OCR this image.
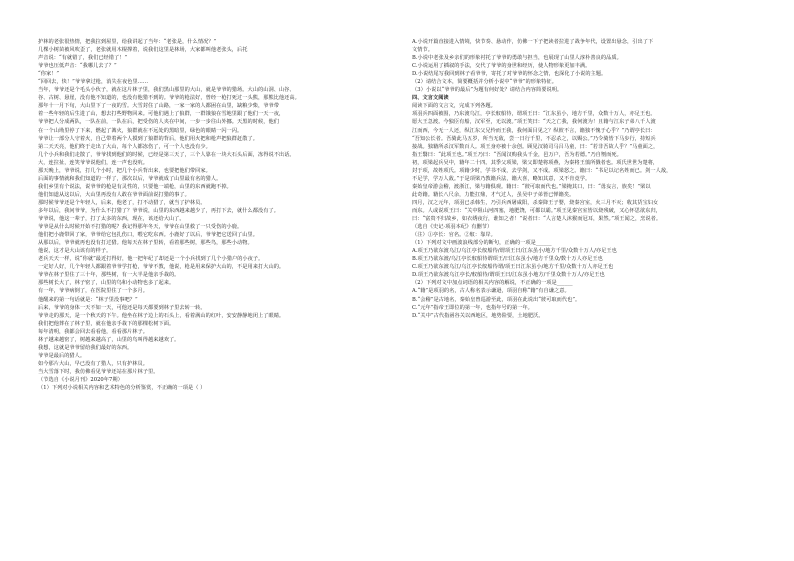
护林的老张很热情，把我拉到屋里，给我讲起了当年：“老张是，什么情况？”
几棵小树苗被风吹歪了，老张就用木棍撑着，说我们这里是林场，大家都叫他老张头，后托
声音说：“有就错了，我们已经错了！”
爷爷也压低声音：“我哪儿去了？”
“你家！”
“回回去，快！”爷爷拿过枪，消失在夜色里……
当年，爷爷还是个毛头小伙子，就在这片林子里，我们黑山那里的大山，就是爷爷的猎场。大山的山洞、山谷、
谷、古树、悬崖，没有他不知道的，也没有他猎不到的。爷爷的枪法好，曾经一枪打死过一头熊，那熊比他还高。
那年十一月下旬，大山里下了一夜的雪。大雪封住了山路，一家一家的人都困在山里，缺粮少柴，爷爷带
着一些年轻的后生进了山，想去打些野物回来。可他们遇上了狼群，一群饿狼在雪地里跟了他们一天一夜，
爷爷把人分成两队，一队在前，一队在后，把受伤的人夹在中间，一步一步往山外挪。天黑的时候，他们
在一个山坳里停了下来，燃起了篝火，狼群就在不远处的黑暗里，绿色的眼睛一闪一闪。
爷爷让一部分人守着火，自己带着两个人摸到了狼群的背后，他们用火把和枪声把狼群赶散了。
第二天天亮，他们终于走出了大山，每个人都冻伤了，可一个人也没有少。
几个小兵和我们走散了，爷爷找到他们的时候，已经是第三天了，三个人靠在一块大石头后面，冻得说不出话。
大，连拉扯，连笑爷爷说他们，连一声也没吭。
那天晚上，爷爷说，打几个小时，把几个小兵背出来，也要把他们带回家。
后面的事情就和我们知道的一样了，那次以后，爷爷就成了山里最有名的猎人。
我们乡里有个说法，说爷爷的枪是有灵性的，只要他一端枪，山里的东西就跑不掉。
他们知道从这以后，大山里再没有人敢在爷爷面前说打猎的事了。
那时候爷爷还是个年轻人，后来，他老了，打不动猎了，就当了护林员。
多年以后，我问爷爷，为什么不打猎了？爷爷说，山里的东西越来越少了，再打下去，就什么都没有了。
爷爷说，他这一辈子，打了太多的东西，现在，该还给大山了。
爷爷是从什么时候开始不打猎的呢？我记得那年冬天，爷爷在山里救了一只受伤的小鹿。
他们把小鹿带回了家，爷爷给它包扎伤口，喂它吃东西。小鹿好了以后，爷爷把它送回了山里。
从那以后，爷爷就再也没有打过猎。他每天在林子里转，看着那些树，那些鸟，那些小动物。
他说，这才是大山该有的样子。
老兵天天一样，说“你就”最近打得好，他一把年纪了却还是一个小兵找到了几个小猎户的小夜子。
一定好人好，几个年轻人都跟着爷爷学打枪，爷爷不教，他说，枪是用来保护大山的，不是用来打大山的。
爷爷在林子里住了三十年，那些树，有一大半是他亲手栽的。
那些树长大了，林子密了，山里的鸟和小动物也多了起来。
有一年，爷爷病倒了，在医院里住了一个多月。
他醒来的第一句话就是：“林子里没事吧？”
后来，爷爷的身体一天不如一天，可他还是每天都要到林子里去转一转。
爷爷走的那天，是一个秋天的下午。他坐在林子边上的石头上，看着满山的红叶，安安静静地闭上了眼睛。
我们把他葬在了林子里，就在他亲手栽下的那棵松树下面。
每年清明，我都会回去看看他，看看那片林子。
林子越来越密了，树越来越高了，山里的鸟叫得越来越欢了。
我想，这就是爷爷留给我们最好的东西。
爷爷是最后的猎人。
如今那片大山，早已没有了猎人，只有护林员。
当大雪落下时，我仿佛看见爷爷还站在那片林子里。
（节选自《小说月刊》2020年7期）
（1）下列对小说相关内容和艺术特色的分析鉴赏，不正确的一项是（ ）
A.小说开篇直接进入情境，快节奏、悬动作，仿佛一下子把读者拉进了战争年代，设置出悬念，引出了下
文情节。
B.小说中老张及乡亲们的形象衬托了爷爷的勇敢与担当，也展现了山里人淳朴善良的品质。
C.小说运用了插叙的手法，交代了爷爷的身世和经历，使人物形象更加丰满。
D.小说结尾写我回到林子看爷爷，寄托了对爷爷的怀念之情，也深化了小说的主题。
（2）请结合文本，简要概括并分析小说中“爷爷”的形象特征。
（3）小说以“爷爷的最后”为题有何好处？请结合内容简要说明。
四、文言文阅读
阅读下面的文言文，完成下列各题。
项羽兵四面被围，乃东渡乌江，亭长舣船待，谓项王曰：“江东虽小，地方千里，众数十万人，亦足王也。
愿大王急渡。今独臣有船，汉军至，无以渡。”项王笑曰：“天之亡我，我何渡为！且籍与江东子弟八千人渡
江而西，今无一人还，纵江东父兄怜而王我，我何面目见之？纵彼不言，籍独不愧于心乎？”乃谓亭长曰：
“吾知公长者。吾骑此马五岁，所当无敌，尝一日行千里，不忍杀之，以赐公。”乃令骑皆下马步行，持短兵
接战。独籍所杀汉军数百人。项王身亦被十余创。顾见汉骑司马吕马童，曰：“若非吾故人乎？”马童面之，
指王翳曰：“此项王也。”项王乃曰：“吾闻汉购我头千金，邑万户，吾为若德。”乃自刎而死。
初，项梁起兵吴中，籍年二十四。其季父项梁，梁父即楚将项燕，为秦将王翦所戮者也。项氏世世为楚将，
封于项，故姓项氏。项籍少时，学书不成，去学剑，又不成。项梁怒之。籍曰：“书足以记名姓而已。剑一人敌，
不足学，学万人敌。”于是项梁乃教籍兵法，籍大喜，略知其意，又不肯竟学。
秦始皇帝游会稽，渡浙江，梁与籍俱观。籍曰：“彼可取而代也。”梁掩其口，曰：“毋妄言，族矣！”梁以
此奇籍。籍长八尺余，力能扛鼎，才气过人，虽吴中子弟皆已惮籍矣。
四月，汉之元年，项羽已杀韩生，乃引兵西屠咸阳，杀秦降王子婴，烧秦宫室，火三月不灭；收其货宝妇女
而东。人或说项王曰：“关中阻山河四塞，地肥饶，可都以霸。”项王见秦宫室皆以烧残破，又心怀思欲东归，
曰：“富贵不归故乡，如衣绣夜行，谁知之者！”说者曰：“人言楚人沐猴而冠耳，果然。”项王闻之，烹说者。
（选自《史记·项羽本纪》有删节）
（注）①亭长：官名。②舣：靠岸。
（1）下列对文中画波浪线部分的断句，正确的一项是______
A.项王乃欲东渡乌江/乌江亭长舣船待/谓项王曰/江东虽小/地方千里/众数十万人/亦足王也
B.项王乃欲东渡/乌江亭长舣船待谓项王/曰江东虽小/地方千里众/数十万人亦足王也
C.项王乃欲东渡乌江/乌江亭长舣船待谓/项王曰江东虽小/地方千里/众数十万人亦足王也
D.项王乃欲东渡乌江亭长/舣船待/谓项王曰/江东虽小地方/千里众数十万人/亦足王也
（2）下列对文中加点词语的相关内容的解说，不正确的一项是______
A.“籍”是项羽的名，古人称名表示谦逊，项羽自称“籍”有自谦之意。
B.“会稽”是古地名，秦始皇曾巡游至此，项羽在此说出“彼可取而代也”。
C.“元年”指帝王即位的第一年，也指年号的第一年。
D.“关中”古代指函谷关以西地区，地势险要，土地肥沃。
